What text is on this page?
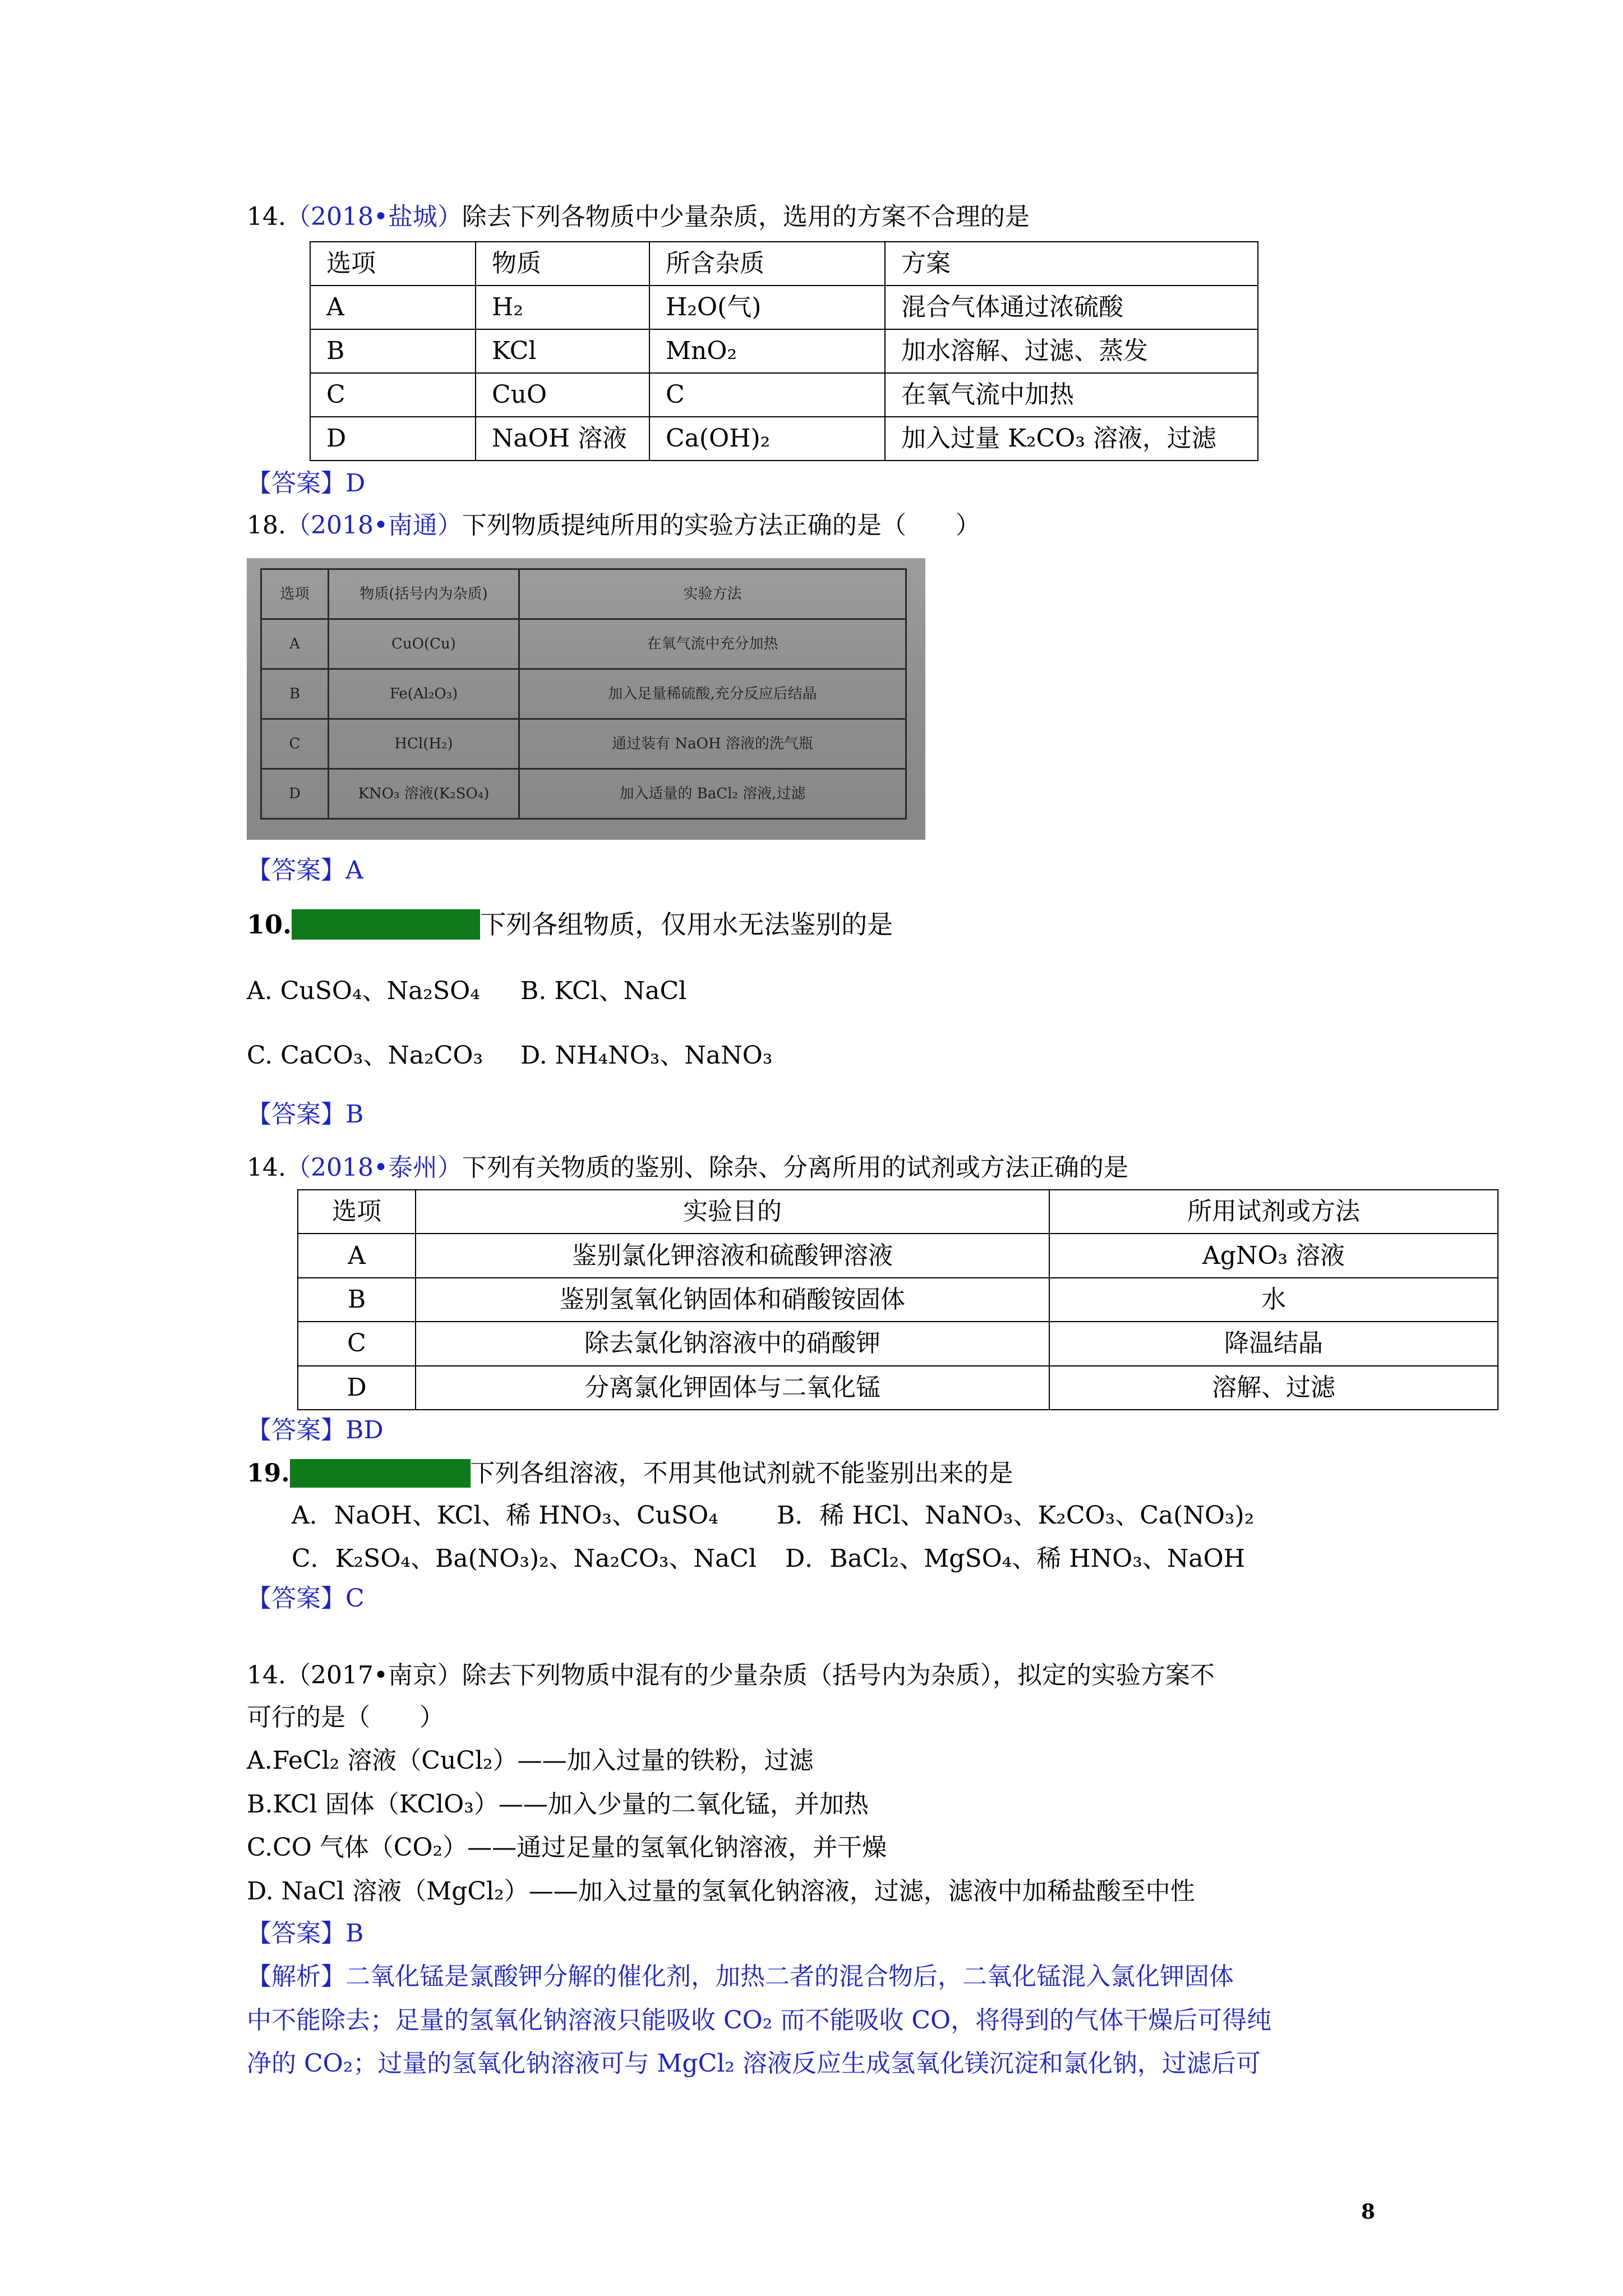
14.（2018•盐城）除去下列各物质中少量杂质，选用的方案不合理的是
选项	物质	所含杂质	方案
A	H₂	H₂O(气)	混合气体通过浓硫酸
B	KCl	MnO₂	加水溶解、过滤、蒸发
C	CuO	C	在氧气流中加热
D	NaOH 溶液	Ca(OH)₂	加入过量 K₂CO₃ 溶液，过滤
【答案】D
18.（2018•南通）下列物质提纯所用的实验方法正确的是（　　）
选项	物质(括号内为杂质)	实验方法
A	CuO(Cu)	在氧气流中充分加热
B	Fe(Al₂O₃)	加入足量稀硫酸,充分反应后结晶
C	HCl(H₂)	通过装有 NaOH 溶液的洗气瓶
D	KNO₃ 溶液(K₂SO₄)	加入适量的 BaCl₂ 溶液,过滤
【答案】A
10.（2018•扬州）下列各组物质，仅用水无法鉴别的是
A. CuSO₄、Na₂SO₄ B. KCl、NaCl
C. CaCO₃、Na₂CO₃ D. NH₄NO₃、NaNO₃
【答案】B
14.（2018•泰州）下列有关物质的鉴别、除杂、分离所用的试剂或方法正确的是
选项	实验目的	所用试剂或方法
A	鉴别氯化钾溶液和硫酸钾溶液	AgNO₃ 溶液
B	鉴别氢氧化钠固体和硝酸铵固体	水
C	除去氯化钠溶液中的硝酸钾	降温结晶
D	分离氯化钾固体与二氧化锰	溶解、过滤
【答案】BD
19.（2018•镇江）下列各组溶液，不用其他试剂就不能鉴别出来的是
A．NaOH、KCl、稀 HNO₃、CuSO₄ B．稀 HCl、NaNO₃、K₂CO₃、Ca(NO₃)₂
C．K₂SO₄、Ba(NO₃)₂、Na₂CO₃、NaCl D．BaCl₂、MgSO₄、稀 HNO₃、NaOH
【答案】C
14.（2017•南京）除去下列物质中混有的少量杂质（括号内为杂质），拟定的实验方案不
可行的是（　　）
A.FeCl₂ 溶液（CuCl₂）——加入过量的铁粉，过滤
B.KCl 固体（KClO₃）——加入少量的二氧化锰，并加热
C.CO 气体（CO₂）——通过足量的氢氧化钠溶液，并干燥
D. NaCl 溶液（MgCl₂）——加入过量的氢氧化钠溶液，过滤，滤液中加稀盐酸至中性
【答案】B
【解析】二氧化锰是氯酸钾分解的催化剂，加热二者的混合物后，二氧化锰混入氯化钾固体
中不能除去；足量的氢氧化钠溶液只能吸收 CO₂ 而不能吸收 CO，将得到的气体干燥后可得纯
净的 CO₂；过量的氢氧化钠溶液可与 MgCl₂ 溶液反应生成氢氧化镁沉淀和氯化钠，过滤后可
8
